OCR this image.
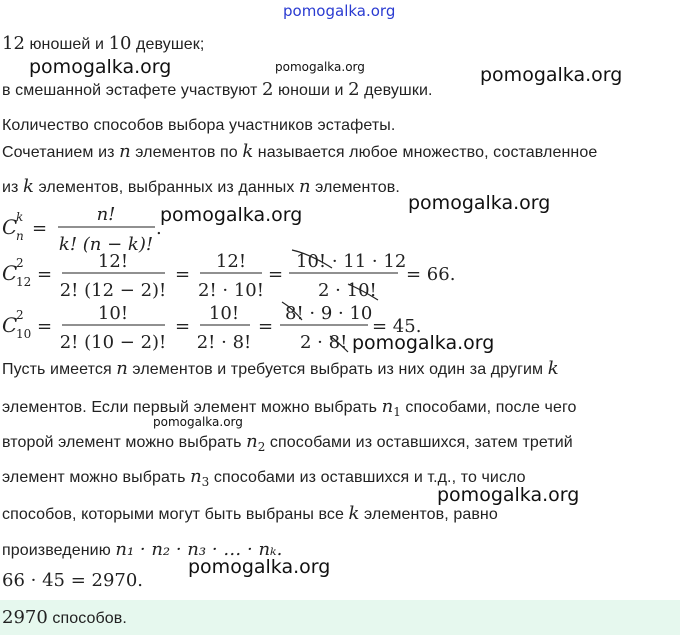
pomogalka.org
12 юношей и 10 девушек;
pomogalka.org	pomogalka.org	pomogalka.org
в смешанной эстафете участвуют 2 юноши и 2 девушки.
Количество способов выбора участников эстафеты.
Сочетанием из n элементов по k называется любое множество, составленное
из k элементов, выбранных из данных n элементов.
C
k
n =
n!
k! (n − k)!
.
pomogalka.org
pomogalka.org
C
2
12 =
12!
2! (12 − 2)!
=
12!
2! · 10!
=
10! · 11 · 12
2 · 10!
= 66.
C
2
10 =
10!
2! (10 − 2)!
=
10!
2! · 8!
=
8! · 9 · 10
2 · 8!
= 45.
pomogalka.org
Пусть имеется n элементов и требуется выбрать из них один за другим k
элементов. Если первый элемент можно выбрать $n_1$ способами, после чего
pomogalka.org
второй элемент можно выбрать $n_2$ способами из оставшихся, затем третий
элемент можно выбрать $n_3$ способами из оставшихся и т.д., то число
pomogalka.org
способов, которыми могут быть выбраны все k элементов, равно
произведению n₁ · n₂ · n₃ · … · nₖ.
pomogalka.org
66 · 45 = 2970.
2970 способов.
